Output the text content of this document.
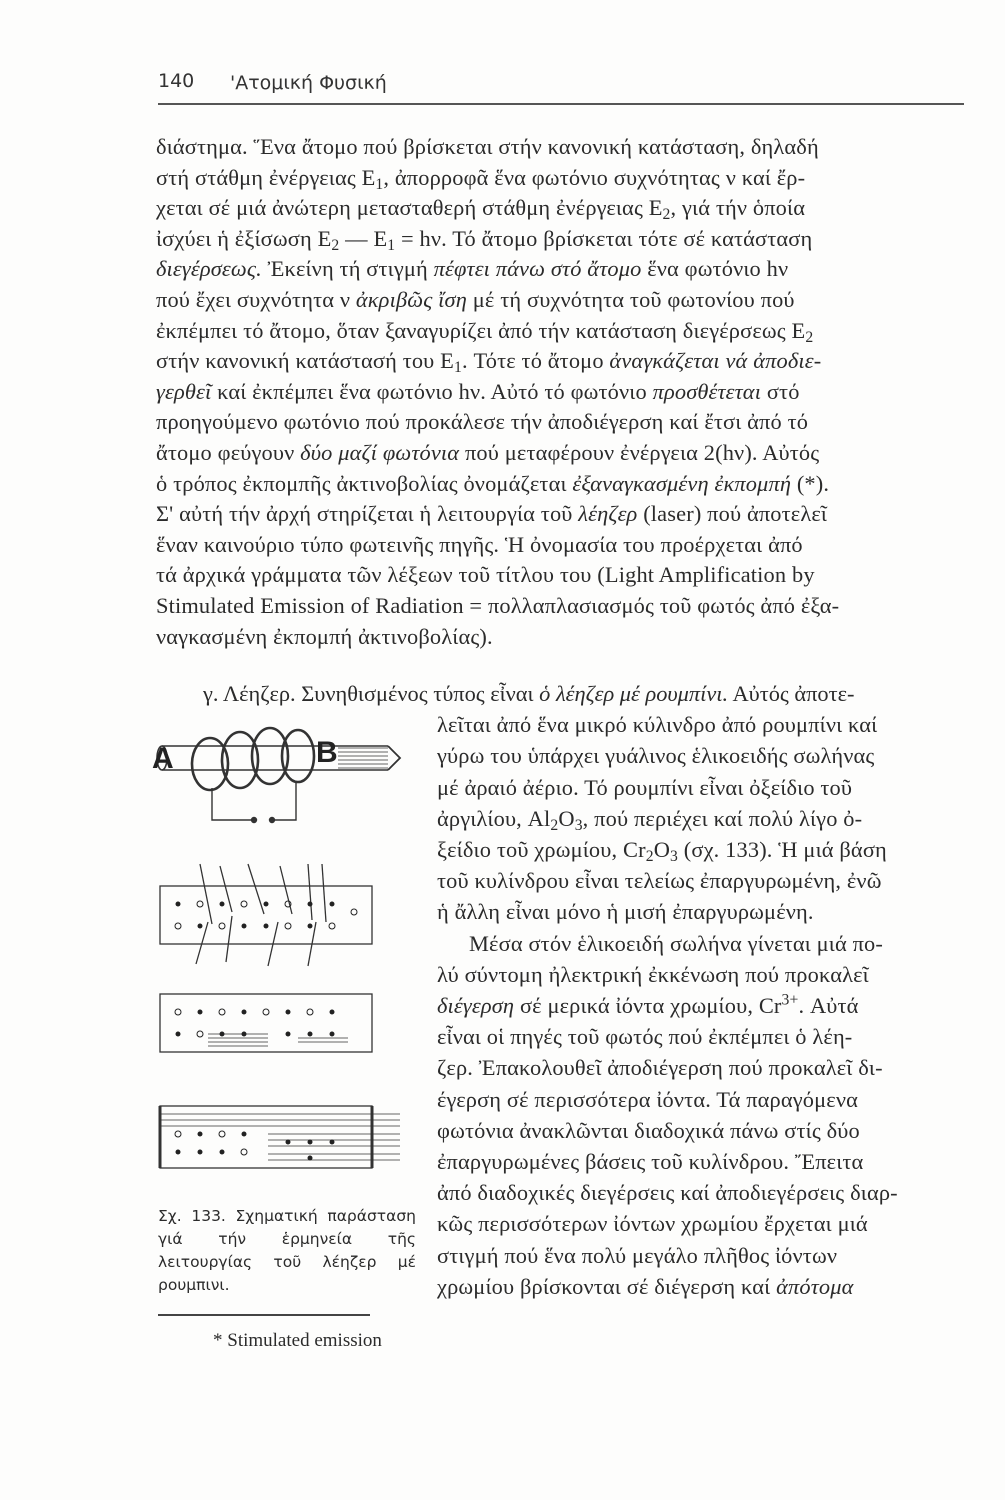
140 'Ατομική Φυσική

διάστημα. Ἕνα ἄτομο πού βρίσκεται στήν κανονική κατάσταση, δηλαδή

στή στάθμη ἐνέργειας $E_1$, ἀπορροφᾶ ἕνα φωτόνιο συχνότητας ν καί ἔρ-

χεται σέ μιά ἀνώτερη μετασταθερή στάθμη ἐνέργειας $E_2$, γιά τήν ὁποία

ἰσχύει ἡ ἐξίσωση $E_2$ — $E_1 = h\nu$. Τό ἄτομο βρίσκεται τότε σέ κατάσταση

διεγέρσεως. Ἐκείνη τή στιγμή πέφτει πάνω στό ἄτομο ἕνα φωτόνιο hν

πού ἔχει συχνότητα ν ἀκριβῶς ἴση μέ τή συχνότητα τοῦ φωτονίου πού

ἐκπέμπει τό ἄτομο, ὅταν ξαναγυρίζει ἀπό τήν κατάσταση διεγέρσεως $E_2$

στήν κανονική κατάστασή του $E_1$. Τότε τό ἄτομο ἀναγκάζεται νά ἀποδιε-

γερθεῖ καί ἐκπέμπει ἕνα φωτόνιο hν. Αὐτό τό φωτόνιο προσθέτεται στό

προηγούμενο φωτόνιο πού προκάλεσε τήν ἀποδιέγερση καί ἔτσι ἀπό τό

ἄτομο φεύγουν δύο μαζί φωτόνια πού μεταφέρουν ἐνέργεια 2(hν). Αὐτός

ὁ τρόπος ἐκπομπῆς ἀκτινοβολίας ὀνομάζεται ἐξαναγκασμένη ἐκπομπή (*).

Σ' αὐτή τήν ἀρχή στηρίζεται ἡ λειτουργία τοῦ λέηζερ (laser) πού ἀποτελεῖ

ἕναν καινούριο τύπο φωτεινῆς πηγῆς. Ἡ ὀνομασία του προέρχεται ἀπό

τά ἀρχικά γράμματα τῶν λέξεων τοῦ τίτλου του (Light Amplification by

Stimulated Emission of Radiation = πολλαπλασιασμός τοῦ φωτός ἀπό ἐξα-

ναγκασμένη ἐκπομπή ἀκτινοβολίας).

γ. Λέηζερ. Συνηθισμένος τύπος εἶναι ὁ λέηζερ μέ ρουμπίνι. Αὐτός ἀποτε-

λεῖται ἀπό ἕνα μικρό κύλινδρο ἀπό ρουμπίνι καί

γύρω του ὑπάρχει γυάλινος ἑλικοειδής σωλήνας

μέ ἀραιό ἀέριο. Τό ρουμπίνι εἶναι ὀξείδιο τοῦ

ἀργιλίου, $Al_2O_3$, πού περιέχει καί πολύ λίγο ὀ-

ξείδιο τοῦ χρωμίου, $Cr_2O_3$ (σχ. 133). Ἡ μιά βάση

τοῦ κυλίνδρου εἶναι τελείως ἐπαργυρωμένη, ἐνῶ

ἡ ἄλλη εἶναι μόνο ἡ μισή ἐπαργυρωμένη.

Μέσα στόν ἑλικοειδή σωλήνα γίνεται μιά πο-

λύ σύντομη ἠλεκτρική ἐκκένωση πού προκαλεῖ

διέγερση σέ μερικά ἰόντα χρωμίου, $Cr^{3+}$. Αὐτά

εἶναι οἱ πηγές τοῦ φωτός πού ἐκπέμπει ὁ λέη-

ζερ. Ἐπακολουθεῖ ἀποδιέγερση πού προκαλεῖ δι-

έγερση σέ περισσότερα ἰόντα. Τά παραγόμενα

φωτόνια ἀνακλῶνται διαδοχικά πάνω στίς δύο

ἐπαργυρωμένες βάσεις τοῦ κυλίνδρου. Ἔπειτα

ἀπό διαδοχικές διεγέρσεις καί ἀποδιεγέρσεις διαρ-

κῶς περισσότερων ἰόντων χρωμίου ἔρχεται μιά

στιγμή πού ἕνα πολύ μεγάλο πλῆθος ἰόντων

χρωμίου βρίσκονται σέ διέγερση καί ἀπότομα

A	B
Σχ. 133. Σχηματική παράσταση γιά τήν ἑρμηνεία τῆς λειτουργίας τοῦ λέηζερ μέ ρουμπινι.
* Stimulated emission
